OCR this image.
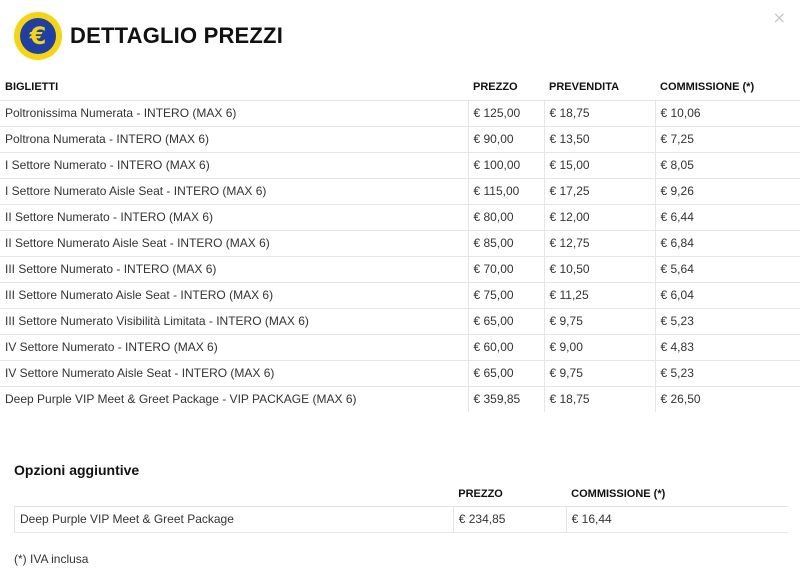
€	DETTAGLIO PREZZI
×
BIGLIETTI	PREZZO	PREVENDITA	COMMISSIONE (*)
Poltronissima Numerata - INTERO (MAX 6)	€ 125,00	€ 18,75	€ 10,06
Poltrona Numerata - INTERO (MAX 6)	€ 90,00	€ 13,50	€ 7,25
I Settore Numerato - INTERO (MAX 6)	€ 100,00	€ 15,00	€ 8,05
I Settore Numerato Aisle Seat - INTERO (MAX 6)	€ 115,00	€ 17,25	€ 9,26
II Settore Numerato - INTERO (MAX 6)	€ 80,00	€ 12,00	€ 6,44
II Settore Numerato Aisle Seat - INTERO (MAX 6)	€ 85,00	€ 12,75	€ 6,84
III Settore Numerato - INTERO (MAX 6)	€ 70,00	€ 10,50	€ 5,64
III Settore Numerato Aisle Seat - INTERO (MAX 6)	€ 75,00	€ 11,25	€ 6,04
III Settore Numerato Visibilità Limitata - INTERO (MAX 6)	€ 65,00	€ 9,75	€ 5,23
IV Settore Numerato - INTERO (MAX 6)	€ 60,00	€ 9,00	€ 4,83
IV Settore Numerato Aisle Seat - INTERO (MAX 6)	€ 65,00	€ 9,75	€ 5,23
Deep Purple VIP Meet & Greet Package - VIP PACKAGE (MAX 6)	€ 359,85	€ 18,75	€ 26,50
Opzioni aggiuntive
	PREZZO	COMMISSIONE (*)
Deep Purple VIP Meet & Greet Package	€ 234,85	€ 16,44
(*) IVA inclusa
